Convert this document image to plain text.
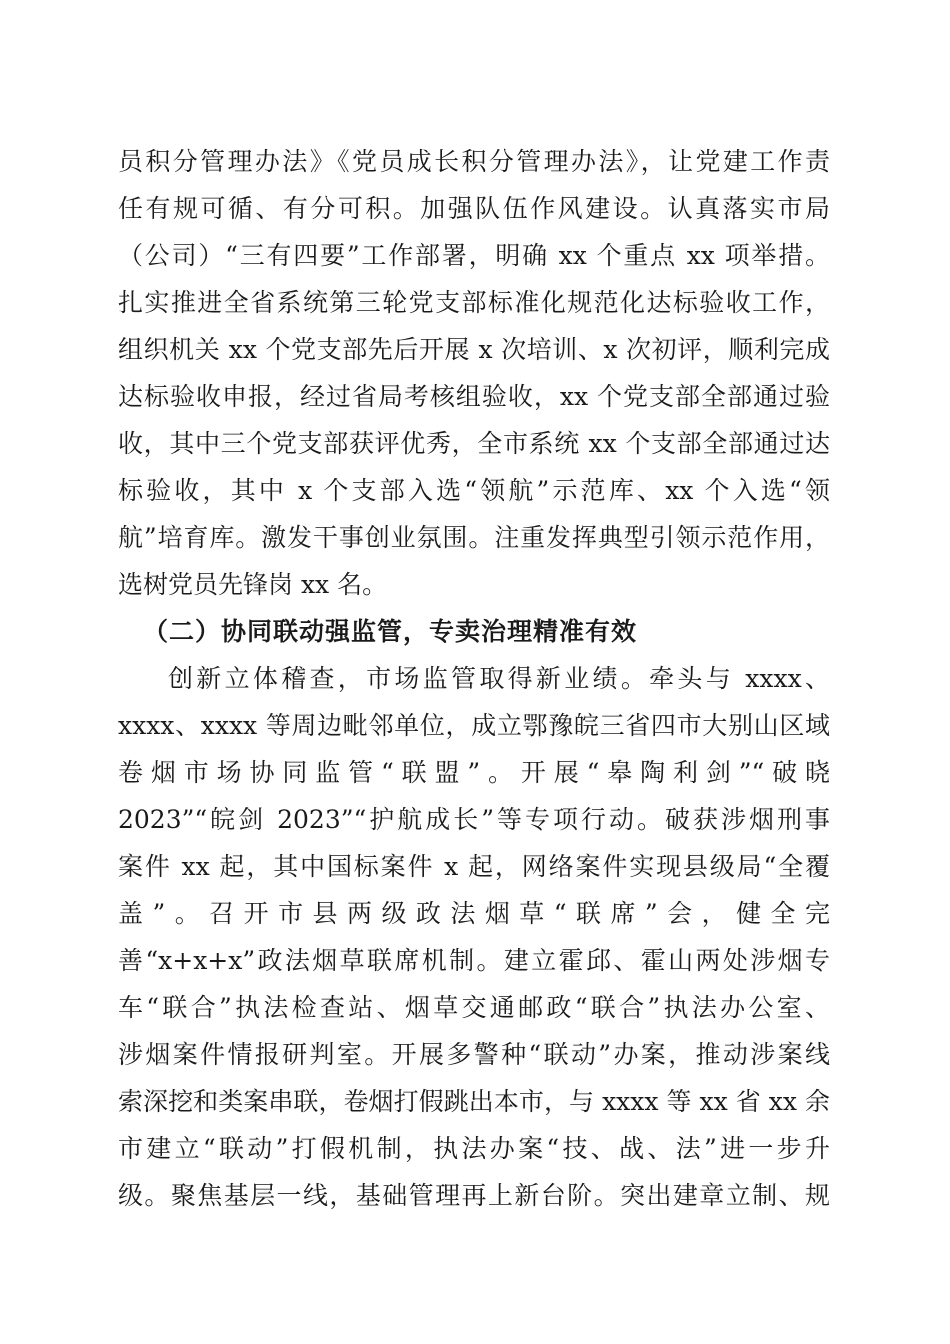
员积分管理办法》《党员成长积分管理办法》，让党建工作责
任有规可循、有分可积。加强队伍作风建设。认真落实市局
（公司）“三有四要”工作部署，明确 xx 个重点 xx 项举措。
扎实推进全省系统第三轮党支部标准化规范化达标验收工作，
组织机关 xx 个党支部先后开展 x 次培训、x 次初评，顺利完成
达标验收申报，经过省局考核组验收，xx 个党支部全部通过验
收，其中三个党支部获评优秀，全市系统 xx 个支部全部通过达
标验收，其中 x 个支部入选“领航”示范库、xx 个入选“领
航”培育库。激发干事创业氛围。注重发挥典型引领示范作用，
选树党员先锋岗 xx 名。
（二）协同联动强监管，专卖治理精准有效
创新立体稽查，市场监管取得新业绩。牵头与 xxxx、
xxxx、xxxx 等周边毗邻单位，成立鄂豫皖三省四市大别山区域
卷烟市场协同监管“联盟”。开展“皋陶利剑”“破晓
2023”“皖剑 2023”“护航成长”等专项行动。破获涉烟刑事
案件 xx 起，其中国标案件 x 起，网络案件实现县级局“全覆
盖”。召开市县两级政法烟草“联席”会，健全完
善“x+x+x”政法烟草联席机制。建立霍邱、霍山两处涉烟专
车“联合”执法检查站、烟草交通邮政“联合”执法办公室、
涉烟案件情报研判室。开展多警种“联动”办案，推动涉案线
索深挖和类案串联，卷烟打假跳出本市，与 xxxx 等 xx 省 xx 余
市建立“联动”打假机制，执法办案“技、战、法”进一步升
级。聚焦基层一线，基础管理再上新台阶。突出建章立制、规
